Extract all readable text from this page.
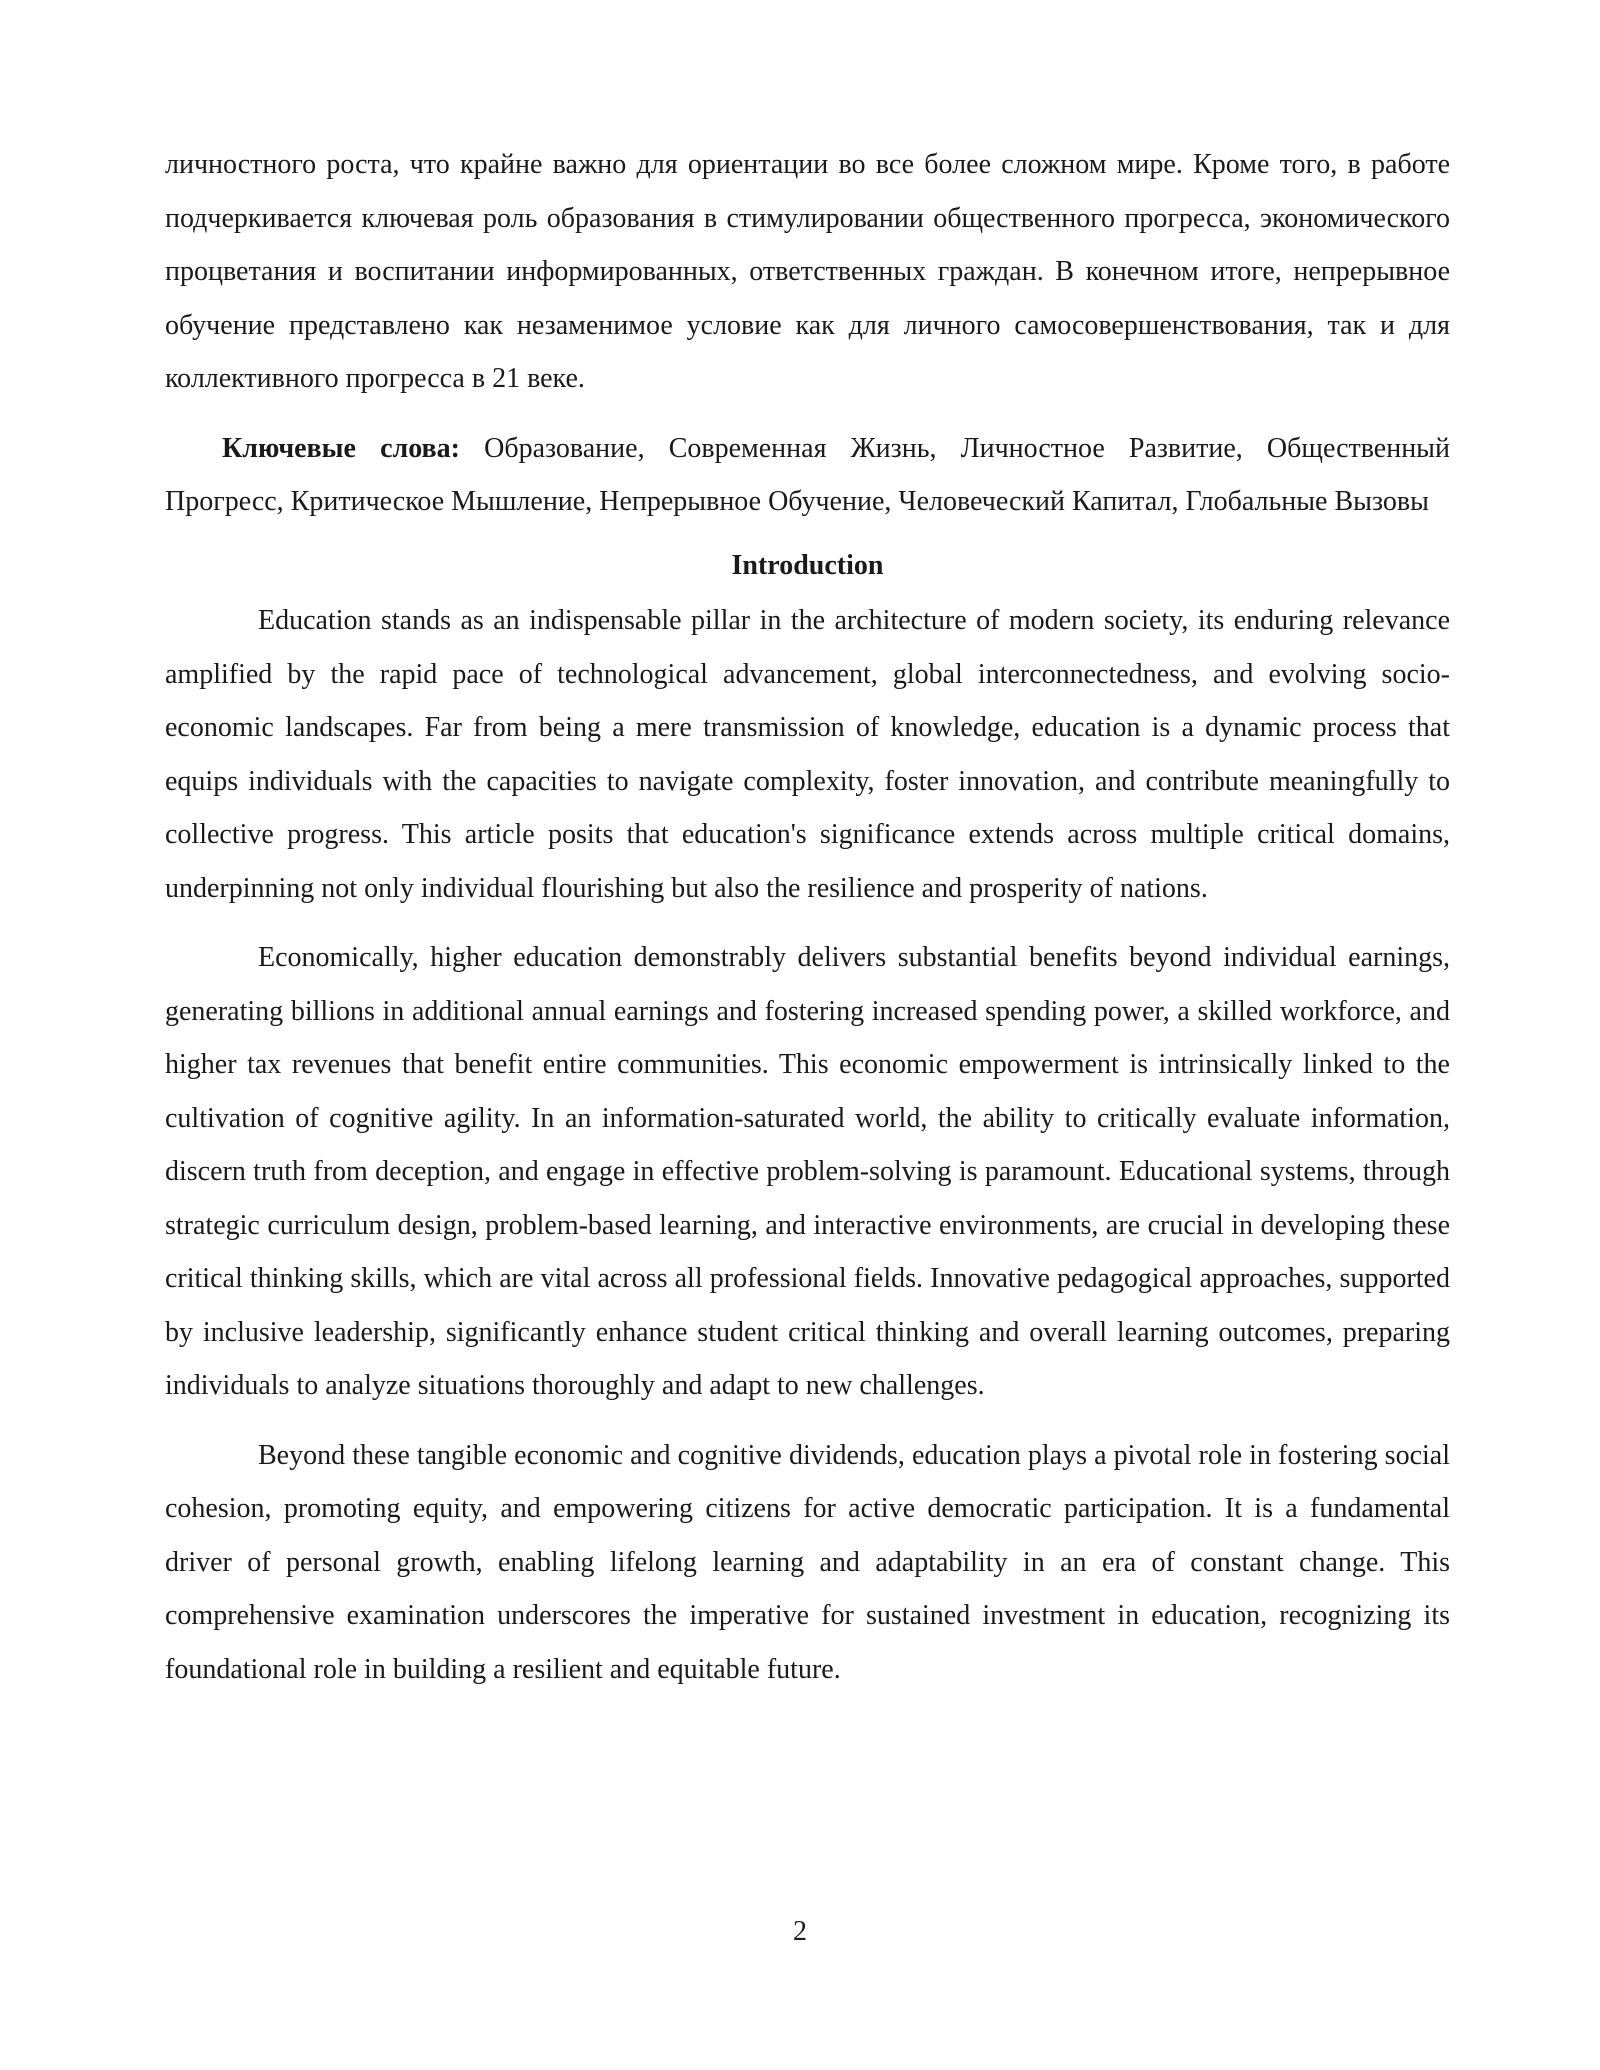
личностного роста, что крайне важно для ориентации во все более сложном мире. Кроме того, в работе подчеркивается ключевая роль образования в стимулировании общественного прогресса, экономического процветания и воспитании информированных, ответственных граждан. В конечном итоге, непрерывное обучение представлено как незаменимое условие как для личного самосовершенствования, так и для коллективного прогресса в 21 веке.

Ключевые слова: Образование, Современная Жизнь, Личностное Развитие, Общественный Прогресс, Критическое Мышление, Непрерывное Обучение, Человеческий Капитал, Глобальные Вызовы

Introduction

Education stands as an indispensable pillar in the architecture of modern society, its enduring relevance amplified by the rapid pace of technological advancement, global interconnectedness, and evolving socio-economic landscapes. Far from being a mere transmission of knowledge, education is a dynamic process that equips individuals with the capacities to navigate complexity, foster innovation, and contribute meaningfully to collective progress. This article posits that education's significance extends across multiple critical domains, underpinning not only individual flourishing but also the resilience and prosperity of nations.

Economically, higher education demonstrably delivers substantial benefits beyond individual earnings, generating billions in additional annual earnings and fostering increased spending power, a skilled workforce, and higher tax revenues that benefit entire communities. This economic empowerment is intrinsically linked to the cultivation of cognitive agility. In an information-saturated world, the ability to critically evaluate information, discern truth from deception, and engage in effective problem-solving is paramount. Educational systems, through strategic curriculum design, problem-based learning, and interactive environments, are crucial in developing these critical thinking skills, which are vital across all professional fields. Innovative pedagogical approaches, supported by inclusive leadership, significantly enhance student critical thinking and overall learning outcomes, preparing individuals to analyze situations thoroughly and adapt to new challenges.

Beyond these tangible economic and cognitive dividends, education plays a pivotal role in fostering social cohesion, promoting equity, and empowering citizens for active democratic participation. It is a fundamental driver of personal growth, enabling lifelong learning and adaptability in an era of constant change. This comprehensive examination underscores the imperative for sustained investment in education, recognizing its foundational role in building a resilient and equitable future.

2
